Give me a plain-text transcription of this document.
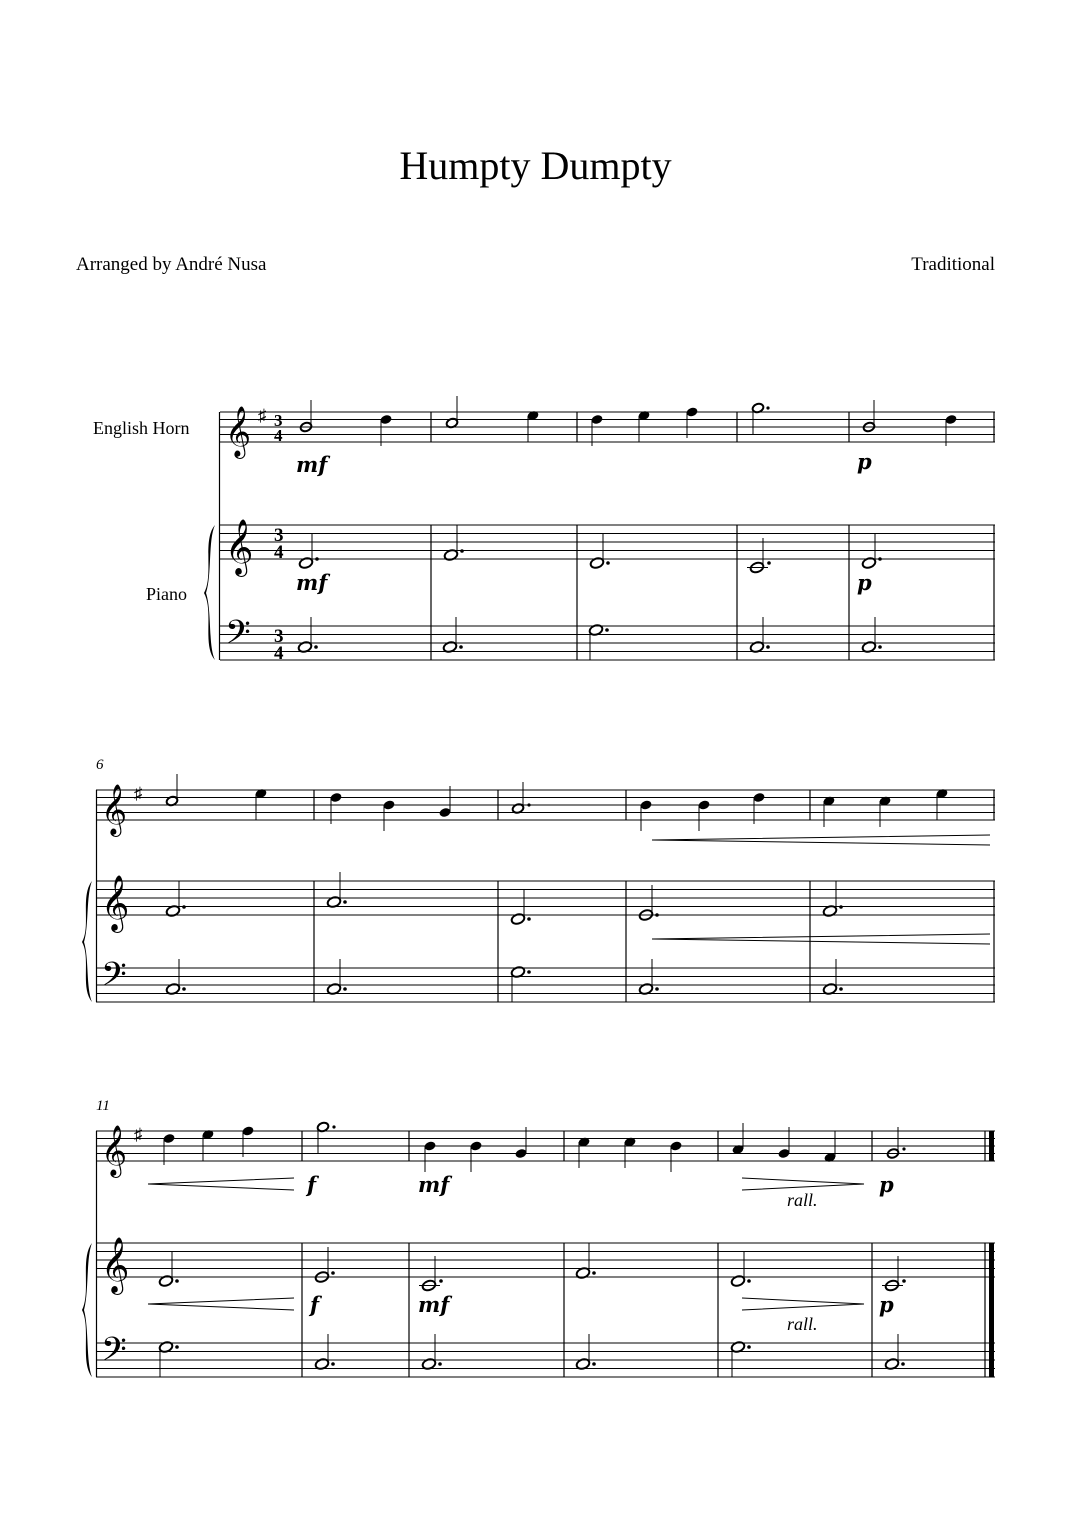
Humpty Dumpty
Arranged by André Nusa	Traditional
English Horn
Piano
𝄞 ♯ 3
4
𝄞 3
4
𝄢 3
4
mf	p
mf	p
6
𝄞 ♯
𝄞
𝄢
11
𝄞 ♯
𝄞
𝄢
f	mf
rall.
p
f	mf
rall.
p
